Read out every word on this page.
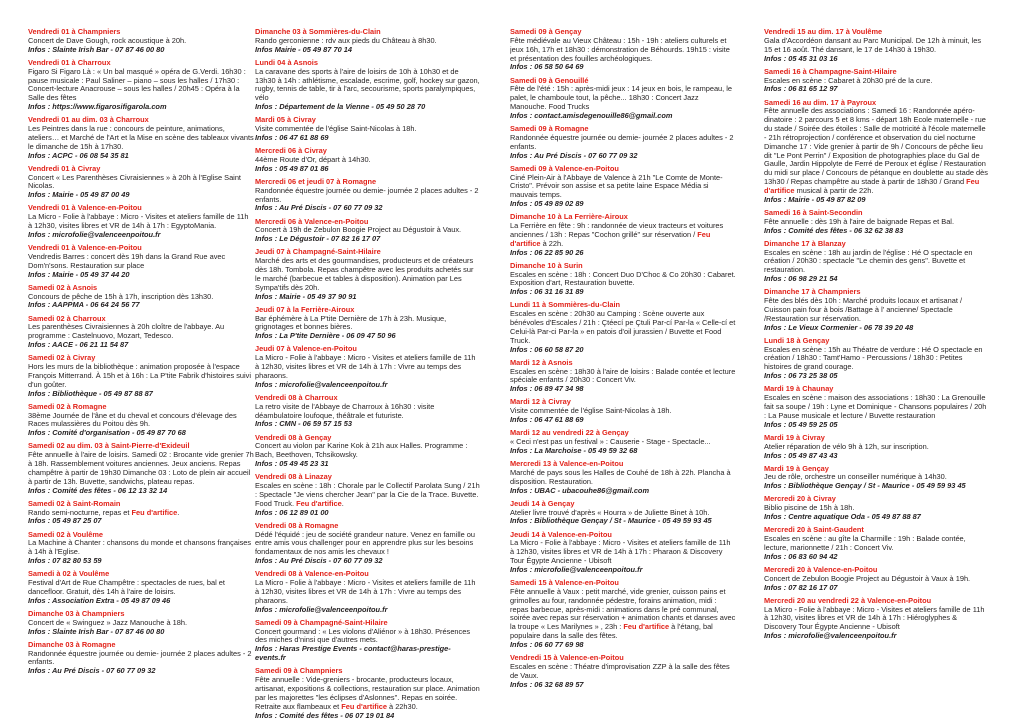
Vendredi 01 à Champniers
Concert de Dave Gough, rock acoustique à 20h.
Infos : Slainte Irish Bar - 07 87 46 00 80
Vendredi 01 à Charroux
Figaro Si Figaro Là : « Un bal masqué » opéra de G.Verdi. 16h30 : pause musicale : Paul Saliner – piano – sous les halles / 17h30 : Concert-lecture Anacrouse – sous les halles / 20h45 : Opéra à la Salle des fêtes
Infos : https://www.figarosifigarola.com
Vendredi 01 au dim. 03 à Charroux
Les Peintres dans la rue : concours de peinture, animations, ateliers… et Marché de l'Art et la Mise en scène des tableaux vivants le dimanche de 15h à 17h30.
Infos : ACPC - 06 08 54 35 81
Vendredi 01 à Civray
Concert « Les Parenthèses Civraisiennes » à 20h à l'Eglise Saint Nicolas.
Infos : Mairie - 05 49 87 00 49
Vendredi 01 à Valence-en-Poitou
La Micro - Folie à l'abbaye : Micro - Visites et ateliers famille de 11h à 12h30, visites libres et VR de 14h à 17h : EgyptoMania.
Infos : microfolie@valenceenpoitou.fr
Vendredi 01 à Valence-en-Poitou
Vendredis Barres : concert dès 19h dans la Grand Rue avec Dom'n'sons. Restauration sur place
Infos : Mairie - 05 49 37 44 20
Samedi 02 à Asnois
Concours de pêche de 15h à 17h, inscription dès 13h30.
Infos : AAPPMA - 06 64 24 56 77
Samedi 02 à Charroux
Les parenthèses Civraisiennes à 20h cloître de l'abbaye. Au programme : Castelnuovo, Mozart, Tedesco.
Infos : AACE - 06 21 11 54 87
Samedi 02 à Civray
Hors les murs de la bibliothèque : animation proposée à l'espace François Mitterrand. À 15h et à 16h : La P'tite Fabrik d'histoires suivi d'un goûter.
Infos : Bibliothèque - 05 49 87 88 87
Samedi 02 à Romagne
38ème Journée de l'âne et du cheval et concours d'élevage des Races mulassières du Poitou dès 9h.
Infos : Comité d'organisation - 05 49 87 70 68
Samedi 02 au dim. 03 à Saint-Pierre-d'Exideuil
Fête annuelle à l'aire de loisirs. Samedi 02 : Brocante vide grenier 7h à 18h. Rassemblement voitures anciennes. Jeux anciens. Repas champêtre à partir de 19h30 Dimanche 03 : Loto de plein air accueil à partir de 13h. Buvette, sandwichs, plateau repas.
Infos : Comité des fêtes - 06 12 13 32 14
Samedi 02 à Saint-Romain
Rando semi-nocturne, repas et Feu d'artifice.
Infos : 05 49 87 25 07
Samedi 02 à Voulême
La Machine à Chanter : chansons du monde et chansons françaises à 14h à l'Eglise.
Infos : 07 82 80 53 59
Samedi à 02 à Voulême
Festival d'Art de Rue Champêtre : spectacles de rues, bal et dancefloor. Gratuit, dès 14h à l'aire de loisirs.
Infos : Association Extra - 05 49 87 09 46
Dimanche 03 à Champniers
Concert de « Swinguez » Jazz Manouche à 18h.
Infos : Slainte Irish Bar - 07 87 46 00 80
Dimanche 03 à Romagne
Randonnée équestre journée ou demie- journée 2 places adultes - 2 enfants.
Infos : Au Pré Discis - 07 60 77 09 32
Dimanche 03 à Sommières-du-Clain
Rando gerconienne : rdv aux pieds du Château à 8h30.
Infos Mairie - 05 49 87 70 14
Lundi 04 à Asnois
La caravane des sports à l'aire de loisirs de 10h à 10h30 et de 13h30 à 14h : athlétisme, escalade, escrime, golf, hockey sur gazon, rugby, tennis de table, tir à l'arc, secourisme, sports paralympiques, vélo
Infos : Département de la Vienne - 05 49 50 28 70
Mardi 05 à Civray
Visite commentée de l'église Saint-Nicolas à 18h.
Infos : 06 47 61 88 69
Mercredi 06 à Civray
44ème Route d'Or, départ à 14h30.
Infos : 05 49 87 01 86
Mercredi 06 et jeudi 07 à Romagne
Randonnée équestre journée ou demie- journée 2 places adultes - 2 enfants.
Infos : Au Pré Discis - 07 60 77 09 32
Mercredi 06 à Valence-en-Poitou
Concert à 19h de Zebulon Boogie Project au Dégustoir à Vaux.
Infos : Le Dégustoir - 07 82 16 17 07
Jeudi 07 à Champagné-Saint-Hilaire
Marché des arts et des gourmandises, producteurs et de créateurs dès 18h. Tombola. Repas champêtre avec les produits achetés sur le marché (barbecue et tables à disposition). Animation par Les Sympa'tifs dès 20h.
Infos : Mairie - 05 49 37 90 91
Jeudi 07 à la Ferrière-Airoux
Bar éphémère à La P'tite Dernière de 17h à 23h. Musique, grignotages et bonnes bières.
Infos : La P'tite Dernière - 06 09 47 50 96
Jeudi 07 à Valence-en-Poitou
La Micro - Folie à l'abbaye : Micro - Visites et ateliers famille de 11h à 12h30, visites libres et VR de 14h à 17h : Vivre au temps des pharaons.
Infos : microfolie@valenceenpoitou.fr
Vendredi 08 à Charroux
La retro visite de l'Abbaye de Charroux à 16h30 : visite déambulatoire loufoque, théâtrale et futuriste.
Infos : CMN - 06 59 57 15 53
Vendredi 08 à Gençay
Concert au violon par Karine Kok à 21h aux Halles. Programme : Bach, Beethoven, Tchsikowsky.
Infos : 05 49 45 23 31
Vendredi 08 à Linazay
Escales en scène : 18h : Chorale par le Collectif Parolata Sung / 21h : Spectacle "Je viens chercher Jean" par la Cie de la Trace. Buvette. Food Truck. Feu d'artifice.
Infos : 06 12 89 01 00
Vendredi 08 à Romagne
Dédé l'équidé : jeu de société grandeur nature. Venez en famille ou entre amis vous challenger pour en apprendre plus sur les besoins fondamentaux de nos amis les chevaux !
Infos : Au Pré Discis - 07 60 77 09 32
Vendredi 08 à Valence-en-Poitou
La Micro - Folie à l'abbaye : Micro - Visites et ateliers famille de 11h à 12h30, visites libres et VR de 14h à 17h : Vivre au temps des pharaons.
Infos : microfolie@valenceenpoitou.fr
Samedi 09 à Champagné-Saint-Hilaire
Concert gourmand : « Les violons d'Aliénor » à 18h30. Présences des miches d'ninsi que d'autres mets.
Infos : Haras Prestige Events - contact@haras-prestige-events.fr
Samedi 09 à Champniers
Fête annuelle : Vide-greniers - brocante, producteurs locaux, artisanat, expositions & collections, restauration sur place. Animation par les majorettes "les éclipses d'Aslonnes". Repas en soirée. Retraite aux flambeaux et Feu d'artifice à 22h30.
Infos : Comité des fêtes - 06 07 19 01 84
Samedi 09 à Gençay
Fête médiévale au Vieux Château : 15h - 19h : ateliers culturels et jeux 16h, 17h et 18h30 : démonstration de Béhourds. 19h15 : visite et présentation des fouilles archéologiques.
Infos : 06 58 50 64 69
Samedi 09 à Genouillé
Fête de l'été : 15h : après-midi jeux : 14 jeux en bois, le rampeau, le palet, le chamboule tout, la pêche... 18h30 : Concert Jazz Manouche. Food Trucks
Infos : contact.amisdegenouille86@gmail.com
Samedi 09 à Romagne
Randonnée équestre journée ou demie- journée 2 places adultes - 2 enfants.
Infos : Au Pré Discis - 07 60 77 09 32
Samedi 09 à Valence-en-Poitou
Ciné Plein-Air à l'Abbaye de Valence à 21h "Le Comte de Monte-Cristo". Prévoir son assise et sa petite laine Espace Média si mauvais temps.
Infos : 05 49 89 02 89
Dimanche 10 à La Ferrière-Airoux
La Ferrière en fête : 9h : randonnée de vieux tracteurs et voitures anciennes / 13h : Repas "Cochon grillé" sur réservation / Feu d'artifice à 22h.
Infos : 06 22 85 90 26
Dimanche 10 à Surin
Escales en scène : 18h : Concert Duo D'Choc & Co 20h30 : Cabaret. Exposition d'art, Restauration buvette.
Infos : 06 31 16 31 89
Lundi 11 à Sommières-du-Clain
Escales en scène : 20h30 au Camping : Scène ouverte aux bénévoles d'Escales / 21h : Çtéecí pe Çtuli Par-cí Par-la « Celle-cí et Celui-là Par-ci Par-la » en patois d'oil jurassien / Buvette et Food Truck.
Infos : 06 60 58 87 20
Mardi 12 à Asnois
Escales en scène : 18h30 à l'aire de loisirs : Balade contée et lecture spéciale enfants / 20h30 : Concert Viv.
Infos : 06 89 47 34 98
Mardi 12 à Civray
Visite commentée de l'église Saint-Nicolas à 18h.
Infos : 06 47 61 88 69
Mardi 12 au vendredi 22 à Gençay
« Ceci n'est pas un festival » : Causerie - Stage - Spectacle...
Infos : La Marchoise - 05 49 59 32 68
Mercredi 13 à Valence-en-Poitou
Marché de pays sous les Halles de Couhé de 18h à 22h. Plancha à disposition. Restauration.
Infos : UBAC - ubacouhe86@gmail.com
Jeudi 14 à Gençay
Atelier livre trouvé d'après « Hourra » de Juliette Binet à 10h.
Infos : Bibliothèque Gençay / St - Maurice - 05 49 59 93 45
Jeudi 14 à Valence-en-Poitou
La Micro - Folie à l'abbaye : Micro - Visites et ateliers famille de 11h à 12h30, visites libres et VR de 14h à 17h : Pharaon & Discovery Tour Égypte Ancienne - Ubisoft
Infos : microfolie@valenceenpoitou.fr
Samedi 15 à Valence-en-Poitou
Fête annuelle à Vaux : petit marché, vide grenier, cuisson pains et grimolles au four, randonnée pédestre, forains animation, midi : repas barbecue, après-midi : animations dans le pré communal, soirée avec repas sur réservation + animation chants et danses avec la troupe « Les Marilynes » , 23h : Feu d'artifice à l'étang, bal populaire dans la salle des fêtes.
Infos : 06 60 77 69 98
Vendredi 15 à Valence-en-Poitou
Escales en scène : Théatre d'improvisation ZZP à la salle des fêtes de Vaux.
Infos : 06 32 68 89 57
Vendredi 15 au dim. 17 à Voulême
Gala d'Accordéon dansant au Parc Municipal. De 12h à minuit, les 15 et 16 août. Thé dansant, le 17 de 14h30 à 19h30.
Infos : 05 45 31 03 16
Samedi 16 à Champagne-Saint-Hilaire
Escales en scène : Cabaret à 20h30 pré de la cure.
Infos : 06 81 65 12 97
Samedi 16 au dim. 17 à Payroux
Fête annuelle des associations : Samedi 16 : Randonnée apéro-dinatoire : 2 parcours 5 et 8 kms - départ 18h Ecole maternelle - rue du stade / Soirée des étoiles : Salle de motricité à l'école maternelle - 21h rétroprojection / conférence et observation du ciel nocturne Dimanche 17 : Vide grenier à partir de 9h / Concours de pêche lieu dit "Le Pont Perrin" / Exposition de photographies place du Gal de Gaulle, Jardin Hippolyte de Ferré de Peroux et église / Restauration du midi sur place / Concours de pétanque en doublette au stade dès 13h30 / Repas champêtre au stade à partir de 18h30 / Grand Feu d'artifice musical à partir de 22h.
Infos : Mairie - 05 49 87 82 09
Samedi 16 à Saint-Secondin
Fête annuelle : dès 19h à l'aire de baignade Repas et Bal.
Infos : Comité des fêtes - 06 32 62 38 83
Dimanche 17 à Blanzay
Escales en scène : 18h au jardin de l'église : Hé O spectacle en création / 20h30 : spectacle "Le chemin des gens". Buvette et restauration.
Infos : 06 98 29 21 54
Dimanche 17 à Champniers
Fête des blés dès 10h : Marché produits locaux et artisanat / Cuisson pain four à bois /Battage à l' ancienne/ Spectacle /Restauration sur réservation.
Infos : Le Vieux Cormenier - 06 78 39 20 48
Lundi 18 à Gençay
Escales en scène : 15h au Théatre de verdure : Hé O spectacle en création / 18h30 : Tamt'Hamo - Percussions / 18h30 : Petites histoires de grand courage.
Infos : 06 73 25 38 05
Mardi 19 à Chaunay
Escales en scène : maison des associations : 18h30 : La Grenouille fait sa soupe / 19h : Lyne et Dominique - Chansons populaires / 20h : La Pause musicale et lecture / Buvette restauration
Infos : 05 49 59 25 05
Mardi 19 à Civray
Atelier réparation de vélo 9h à 12h, sur inscription.
Infos : 05 49 87 43 43
Mardi 19 à Gençay
Jeu de rôle, orchestre un conseiller numérique à 14h30.
Infos : Bibliothèque Gençay / St - Maurice - 05 49 59 93 45
Mercredi 20 à Civray
Biblio piscine de 15h à 18h.
Infos : Centre aquatique Oda - 05 49 87 88 87
Mercredi 20 à Saint-Gaudent
Escales en scène : au gîte la Charmille : 19h : Balade contée, lecture, marionnette / 21h : Concert Viv.
Infos : 06 83 60 94 42
Mercredi 20 à Valence-en-Poitou
Concert de Zebulon Boogie Project au Dégustoir à Vaux à 19h.
Infos : 07 82 16 17 07
Mercredi 20 au vendredi 22 à Valence-en-Poitou
La Micro - Folie à l'abbaye : Micro - Visites et ateliers famille de 11h à 12h30, visites libres et VR de 14h à 17h : Hiéroglyphes & Discovery Tour Égypte Ancienne - Ubisoft
Infos : microfolie@valenceenpoitou.fr
